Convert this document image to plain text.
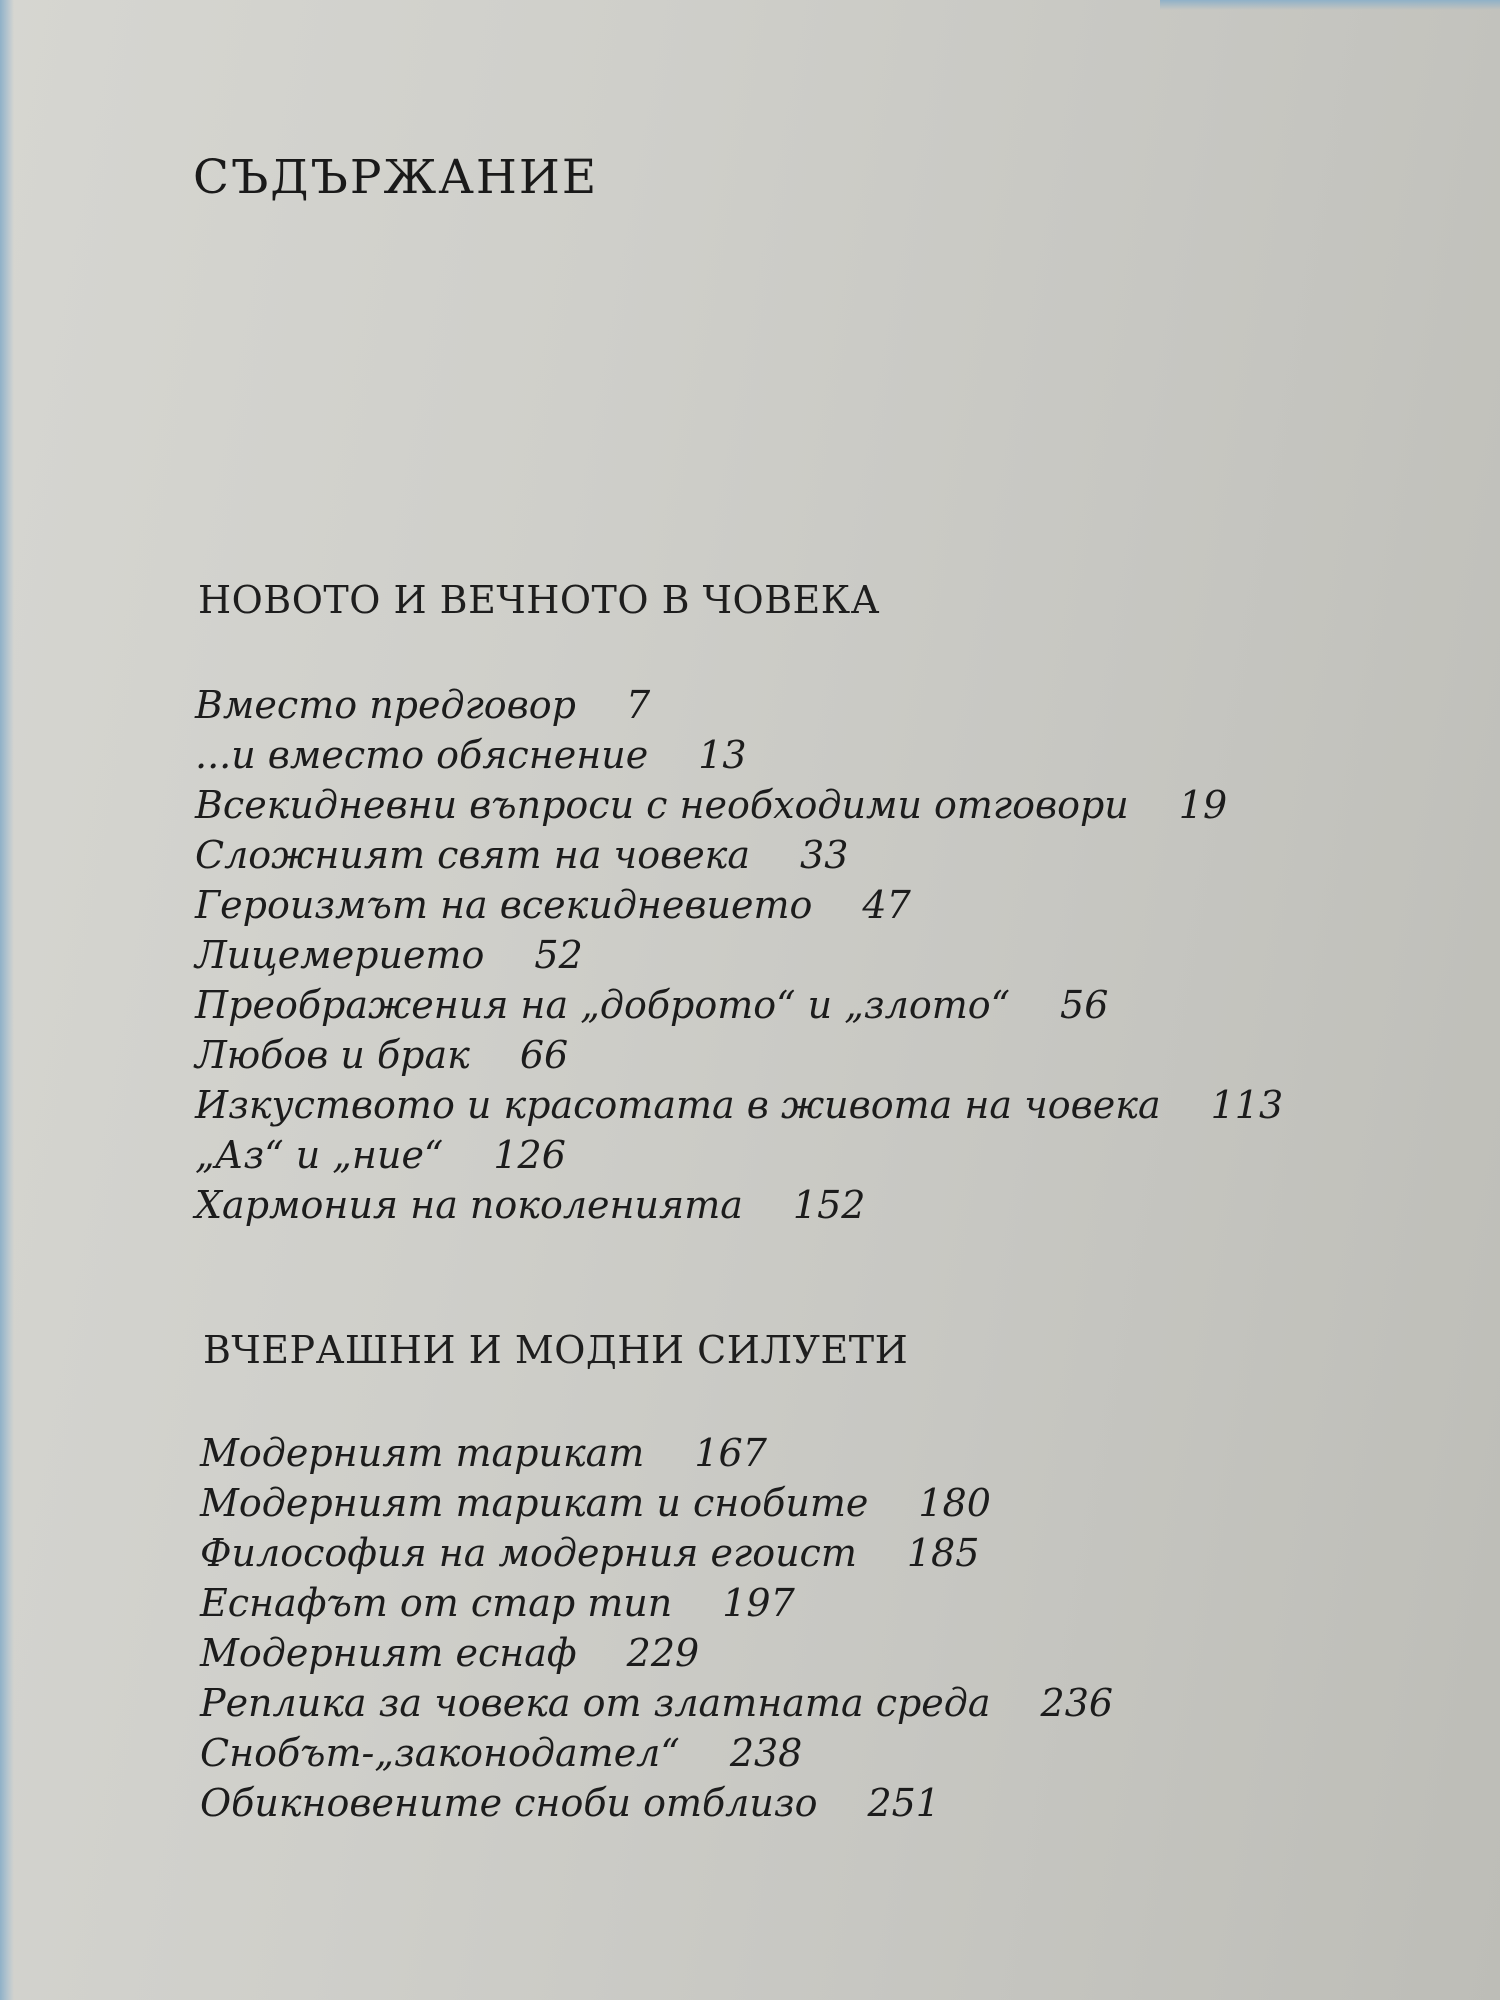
СЪДЪРЖАНИЕ
НОВОТО И ВЕЧНОТО В ЧОВЕКА
Вместо предговор 7
...и вместо обяснение 13
Всекидневни въпроси с необходими отговори 19
Сложният свят на човека 33
Героизмът на всекидневието 47
Лицемерието 52
Преображения на „доброто“ и „злото“ 56
Любов и брак 66
Изкуството и красотата в живота на човека 113
„Аз“ и „ние“ 126
Хармония на поколенията 152
ВЧЕРАШНИ И МОДНИ СИЛУЕТИ
Модерният тарикат 167
Модерният тарикат и снобите 180
Философия на модерния егоист 185
Еснафът от стар тип 197
Модерният еснаф 229
Реплика за човека от златната среда 236
Снобът-„законодател“ 238
Обикновените сноби отблизо 251
